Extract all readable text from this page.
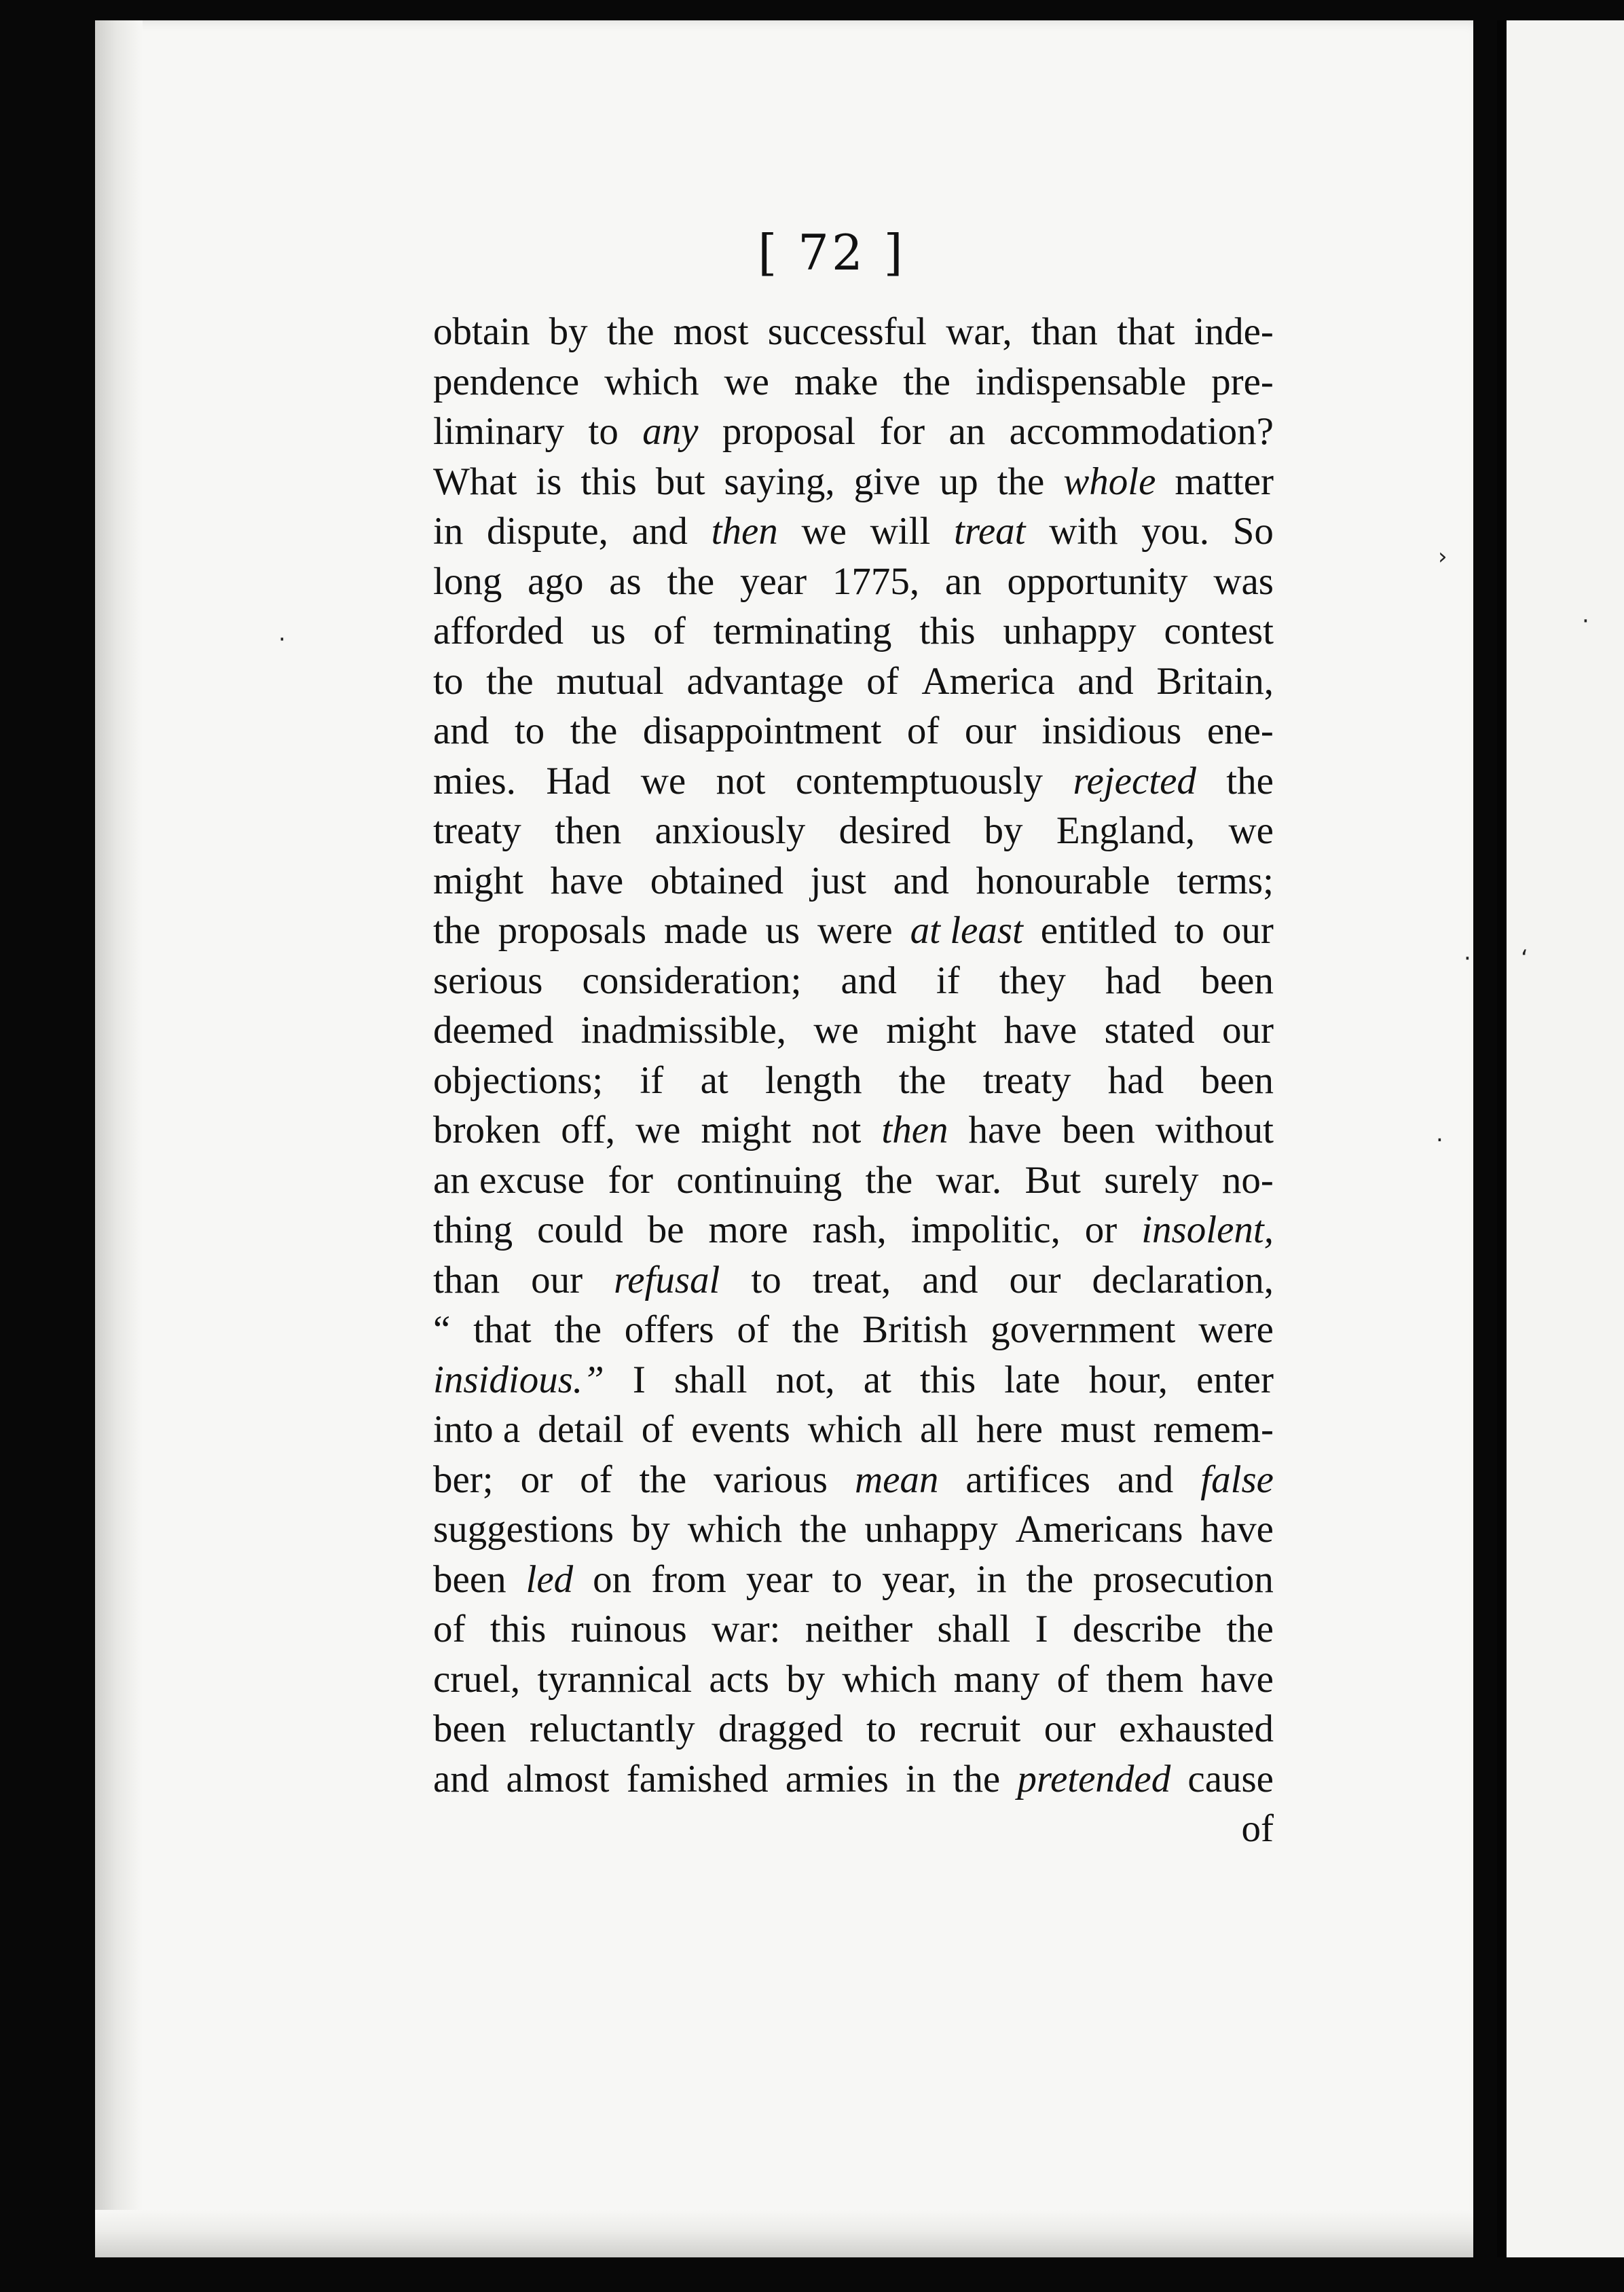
[ 72 ]
obtain by the most successful war, than that inde-
pendence which we make the indispensable pre-
liminary to any proposal for an accommodation?
What is this but saying, give up the whole matter
in dispute, and then we will treat with you. So
long ago as the year 1775, an opportunity was
afforded us of terminating this unhappy contest
to the mutual advantage of America and Britain,
and to the disappointment of our insidious ene-
mies. Had we not contemptuously rejected the
treaty then anxiously desired by England, we
might have obtained just and honourable terms;
the proposals made us were at least entitled to our
serious consideration; and if they had been
deemed inadmissible, we might have stated our
objections; if at length the treaty had been
broken off, we might not then have been without
an excuse for continuing the war. But surely no-
thing could be more rash, impolitic, or insolent,
than our refusal to treat, and our declaration,
“ that the offers of the British government were
insidious.” I shall not, at this late hour, enter
into a detail of events which all here must remem-
ber; or of the various mean artifices and false
suggestions by which the unhappy Americans have
been led on from year to year, in the prosecution
of this ruinous war: neither shall I describe the
cruel, tyrannical acts by which many of them have
been reluctantly dragged to recruit our exhausted
and almost famished armies in the pretended cause
of
›
·
· ‘
.
·
